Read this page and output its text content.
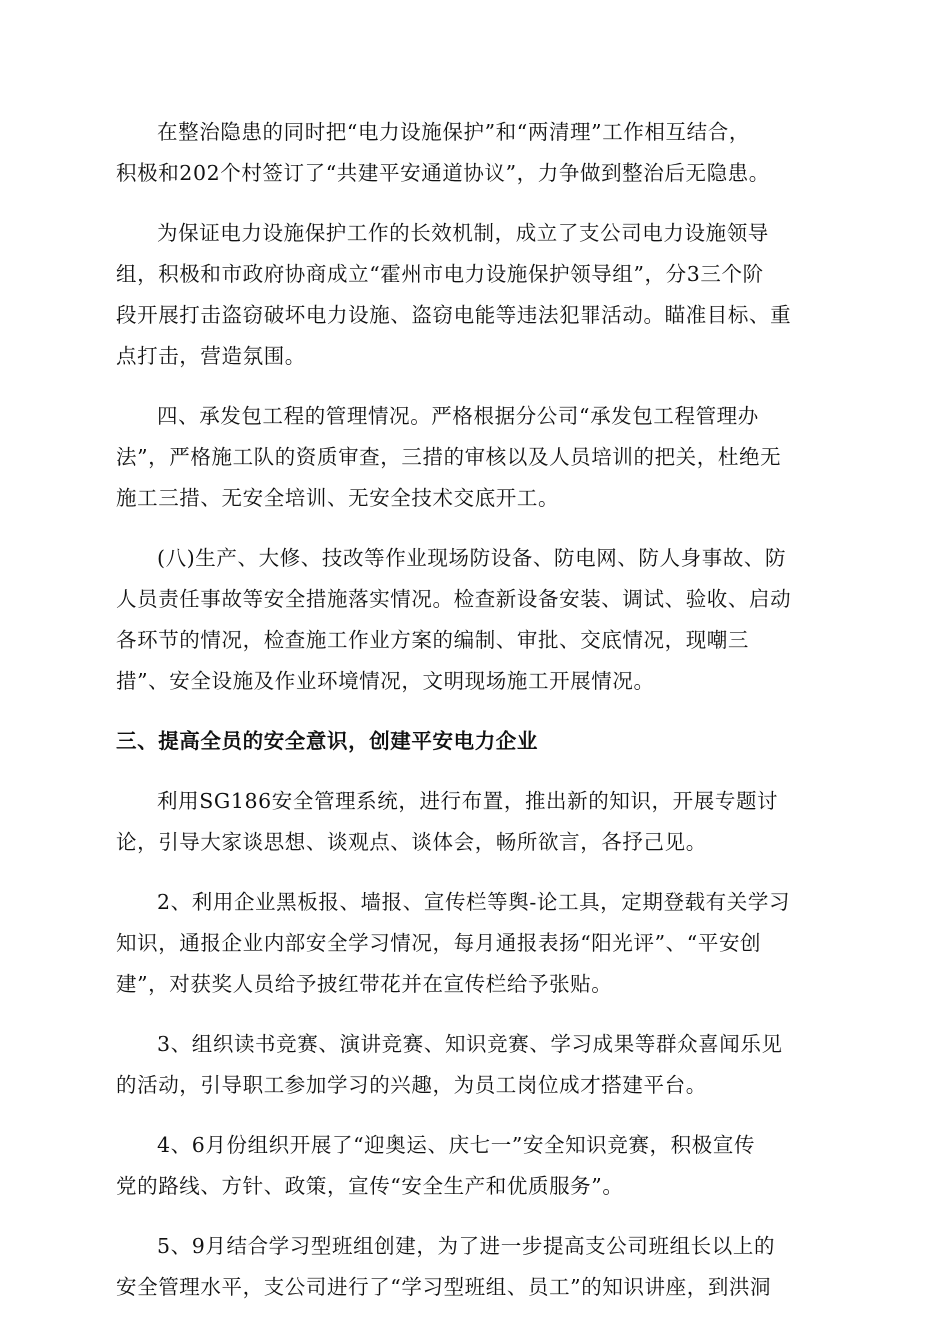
在整治隐患的同时把“电力设施保护”和“两清理”工作相互结合，
积极和202个村签订了“共建平安通道协议”，力争做到整治后无隐患。

为保证电力设施保护工作的长效机制，成立了支公司电力设施领导
组，积极和市政府协商成立“霍州市电力设施保护领导组”，分3三个阶
段开展打击盗窃破坏电力设施、盗窃电能等违法犯罪活动。瞄准目标、重
点打击，营造氛围。

四、承发包工程的管理情况。严格根据分公司“承发包工程管理办
法”，严格施工队的资质审查，三措的审核以及人员培训的把关，杜绝无
施工三措、无安全培训、无安全技术交底开工。

(八)生产、大修、技改等作业现场防设备、防电网、防人身事故、防
人员责任事故等安全措施落实情况。检查新设备安装、调试、验收、启动
各环节的情况，检查施工作业方案的编制、审批、交底情况，现嘲三
措”、安全设施及作业环境情况，文明现场施工开展情况。

三、提高全员的安全意识，创建平安电力企业

利用SG186安全管理系统，进行布置，推出新的知识，开展专题讨
论，引导大家谈思想、谈观点、谈体会，畅所欲言，各抒己见。

2、利用企业黑板报、墙报、宣传栏等舆-论工具，定期登载有关学习
知识，通报企业内部安全学习情况，每月通报表扬“阳光评”、“平安创
建”，对获奖人员给予披红带花并在宣传栏给予张贴。

3、组织读书竞赛、演讲竞赛、知识竞赛、学习成果等群众喜闻乐见
的活动，引导职工参加学习的兴趣，为员工岗位成才搭建平台。

4、6月份组织开展了“迎奥运、庆七一”安全知识竞赛，积极宣传
党的路线、方针、政策，宣传“安全生产和优质服务”。

5、9月结合学习型班组创建，为了进一步提高支公司班组长以上的
安全管理水平，支公司进行了“学习型班组、员工”的知识讲座，到洪洞
